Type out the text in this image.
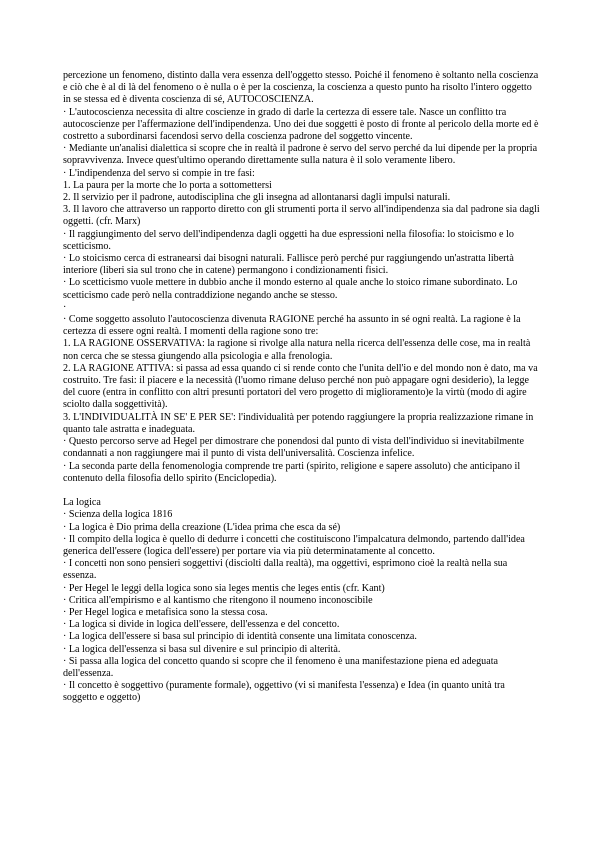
percezione un fenomeno, distinto dalla vera essenza dell'oggetto stesso. Poiché il fenomeno è soltanto nella coscienza e ciò che è al di là del fenomeno o è nulla o è per la coscienza, la coscienza a questo punto ha risolto l'intero oggetto in se stessa ed è diventa coscienza di sé, AUTOCOSCIENZA.

· L'autocoscienza necessita di altre coscienze in grado di darle la certezza di essere tale. Nasce un conflitto tra autocoscienze per l'affermazione dell'indipendenza. Uno dei due soggetti è posto di fronte al pericolo della morte ed è costretto a subordinarsi facendosi servo della coscienza padrone del soggetto vincente.

· Mediante un'analisi dialettica si scopre che in realtà il padrone è servo del servo perché da lui dipende per la propria sopravvivenza. Invece quest'ultimo operando direttamente sulla natura è il solo veramente libero.

· L'indipendenza del servo si compie in tre fasi:

1. La paura per la morte che lo porta a sottomettersi

2. Il servizio per il padrone, autodisciplina che gli insegna ad allontanarsi dagli impulsi naturali.

3. Il lavoro che attraverso un rapporto diretto con gli strumenti porta il servo all'indipendenza sia dal padrone sia dagli oggetti. (cfr. Marx)

· Il raggiungimento del servo dell'indipendenza dagli oggetti ha due espressioni nella filosofia: lo stoicismo e lo scetticismo.

· Lo stoicismo cerca di estranearsi dai bisogni naturali. Fallisce però perché pur raggiungendo un'astratta libertà interiore (liberi sia sul trono che in catene) permangono i condizionamenti fisici.

· Lo scetticismo vuole mettere in dubbio anche il mondo esterno al quale anche lo stoico rimane subordinato. Lo scetticismo cade però nella contraddizione negando anche se stesso.

·

· Come soggetto assoluto l'autocoscienza divenuta RAGIONE perché ha assunto in sé ogni realtà. La ragione è la certezza di essere ogni realtà. I momenti della ragione sono tre:

1. LA RAGIONE OSSERVATIVA: la ragione si rivolge alla natura nella ricerca dell'essenza delle cose, ma in realtà non cerca che se stessa giungendo alla psicologia e alla frenologia.

2. LA RAGIONE ATTIVA: si passa ad essa quando ci si rende conto che l'unita dell'io e del mondo non è dato, ma va costruito. Tre fasi: il piacere e la necessità (l'uomo rimane deluso perché non può appagare ogni desiderio), la legge del cuore (entra in conflitto con altri presunti portatori del vero progetto di miglioramento)e la virtù (modo di agire sciolto dalla soggettività).

3. L'INDIVIDUALITÀ IN SE' E PER SE': l'individualità per potendo raggiungere la propria realizzazione rimane in quanto tale astratta e inadeguata.

· Questo percorso serve ad Hegel per dimostrare che ponendosi dal punto di vista dell'individuo si inevitabilmente condannati a non raggiungere mai il punto di vista dell'universalità. Coscienza infelice.

· La seconda parte della fenomenologia comprende tre parti (spirito, religione e sapere assoluto) che anticipano il contenuto della filosofia dello spirito (Enciclopedia).

La logica

· Scienza della logica 1816

· La logica è Dio prima della creazione (L'idea prima che esca da sé)

· Il compito della logica è quello di dedurre i concetti che costituiscono l'impalcatura delmondo, partendo dall'idea generica dell'essere (logica dell'essere) per portare via via più determinatamente al concetto.

· I concetti non sono pensieri soggettivi (disciolti dalla realtà), ma oggettivi, esprimono cioè la realtà nella sua essenza.

· Per Hegel le leggi della logica sono sia leges mentis che leges entis (cfr. Kant)

· Critica all'empirismo e al kantismo che ritengono il noumeno inconoscibile

· Per Hegel logica e metafisica sono la stessa cosa.

· La logica si divide in logica dell'essere, dell'essenza e del concetto.

· La logica dell'essere si basa sul principio di identità consente una limitata conoscenza.

· La logica dell'essenza si basa sul divenire e sul principio di alterità.

· Si passa alla logica del concetto quando si scopre che il fenomeno è una manifestazione piena ed adeguata dell'essenza.

· Il concetto è soggettivo (puramente formale), oggettivo (vi si manifesta l'essenza) e Idea (in quanto unità tra soggetto e oggetto)
